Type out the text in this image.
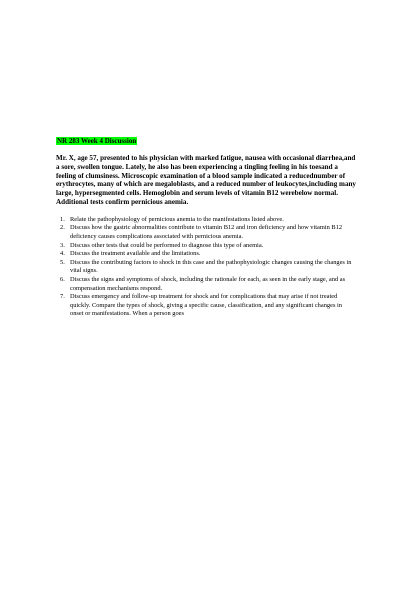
NR 283 Week 4 Discussion

Mr. X, age 57, presented to his physician with marked fatigue, nausea with occasional diarrhea,and a sore, swollen tongue. Lately, he also has been experiencing a tingling feeling in his toesand a feeling of clumsiness. Microscopic examination of a blood sample indicated a reducednumber of erythrocytes, many of which are megaloblasts, and a reduced number of leukocytes,including many large, hypersegmented cells. Hemoglobin and serum levels of vitamin B12 werebelow normal. Additional tests confirm pernicious anemia.

1. Relate the pathophysiology of pernicious anemia to the manifestations listed above.
2. Discuss how the gastric abnormalities contribute to vitamin B12 and iron deficiency and how vitamin B12 deficiency causes complications associated with pernicious anemia.
3. Discuss other tests that could be performed to diagnose this type of anemia.
4. Discuss the treatment available and the limitations.
5. Discuss the contributing factors to shock in this case and the pathophysiologic changes causing the changes in vital signs.
6. Discuss the signs and symptoms of shock, including the rationale for each, as seen in the early stage, and as compensation mechanisms respond.
7. Discuss emergency and follow-up treatment for shock and for complications that may arise if not treated quickly. Compare the types of shock, giving a specific cause, classification, and any significant changes in onset or manifestations. When a person goes
